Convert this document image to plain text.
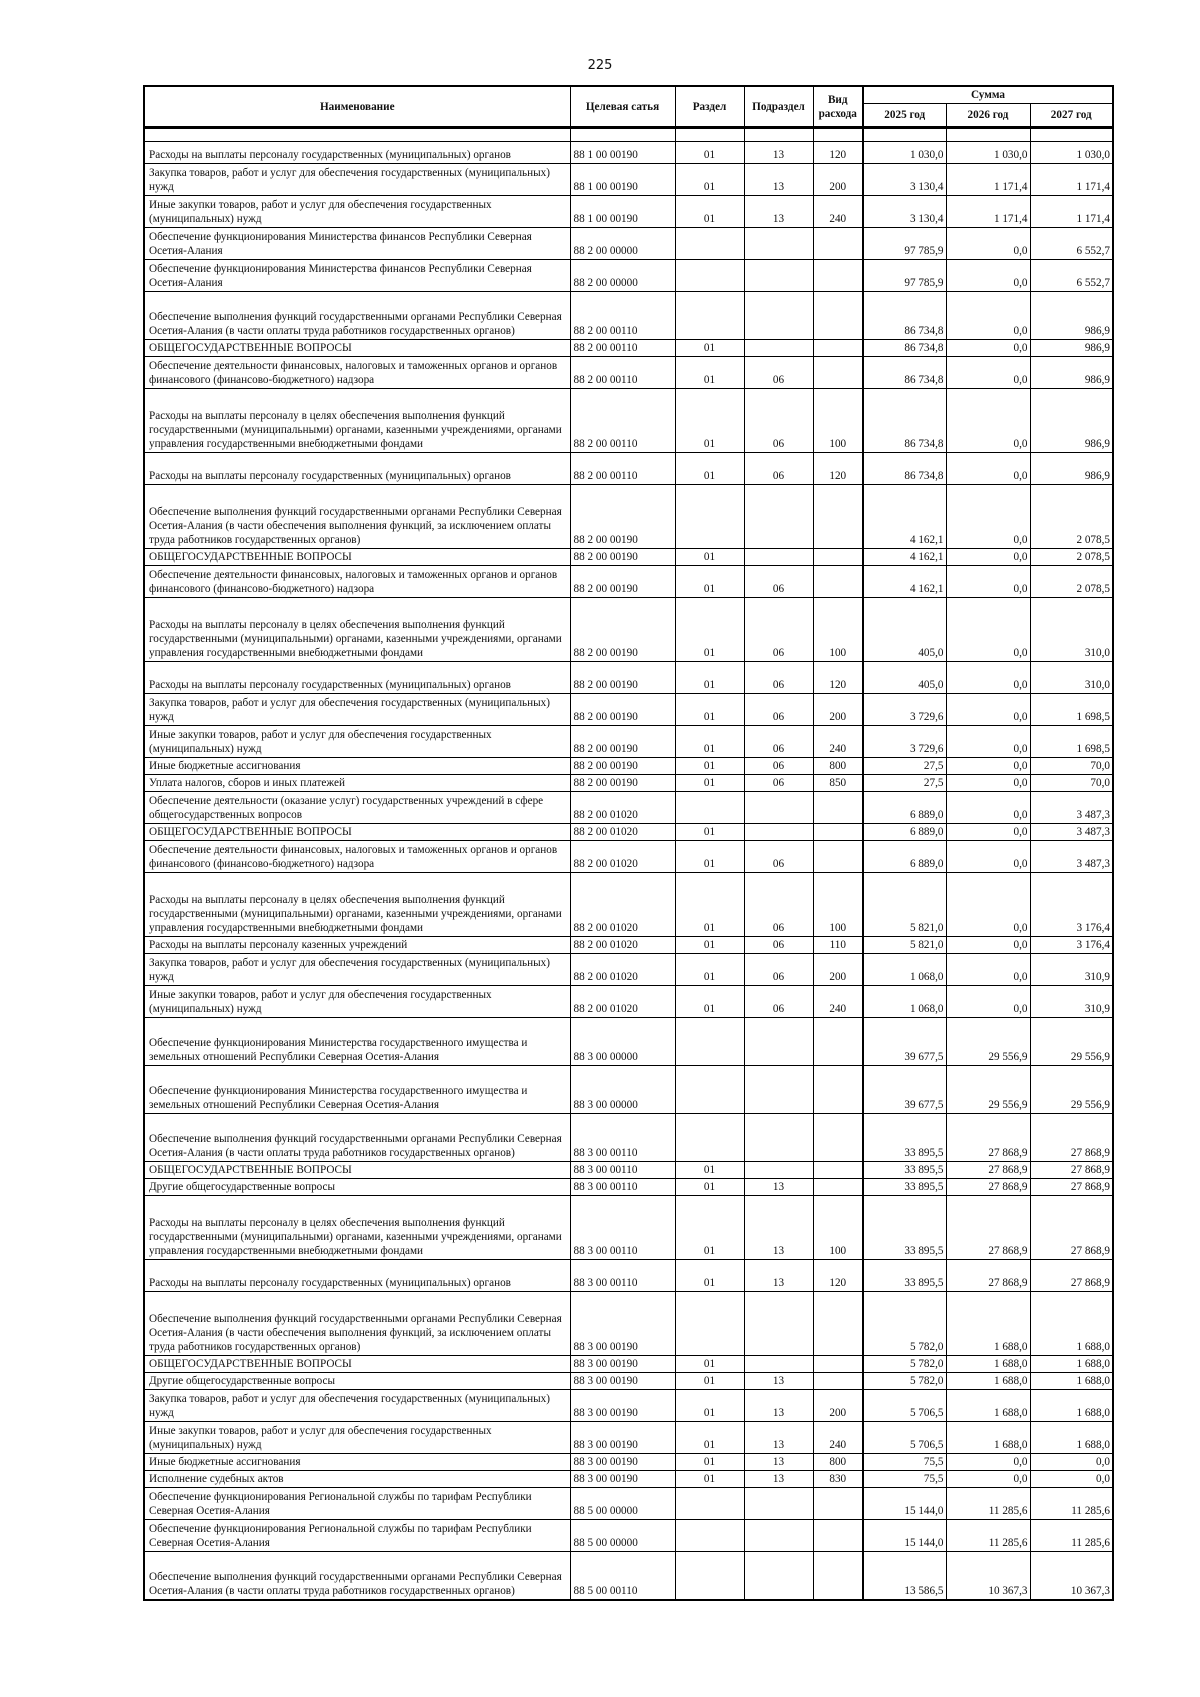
225
Наименование	Целевая сатья	Раздел	Подраздел	Вид расхода	Сумма		
					2025 год	2026 год	2027 год

Расходы на выплаты персоналу государственных (муниципальных) органов	88 1 00 00190	01	13	120	1 030,0	1 030,0	1 030,0
Закупка товаров, работ и услуг для обеспечения государственных (муниципальных) нужд	88 1 00 00190	01	13	200	3 130,4	1 171,4	1 171,4
Иные закупки товаров, работ и услуг для обеспечения государственных (муниципальных) нужд	88 1 00 00190	01	13	240	3 130,4	1 171,4	1 171,4
Обеспечение функционирования Министерства финансов Республики Северная Осетия-Алания	88 2 00 00000				97 785,9	0,0	6 552,7
Обеспечение функционирования Министерства финансов Республики Северная Осетия-Алания	88 2 00 00000				97 785,9	0,0	6 552,7
Обеспечение выполнения функций государственными органами Республики Северная Осетия-Алания (в части оплаты труда работников государственных органов)	88 2 00 00110				86 734,8	0,0	986,9
ОБЩЕГОСУДАРСТВЕННЫЕ ВОПРОСЫ	88 2 00 00110	01			86 734,8	0,0	986,9
Обеспечение деятельности финансовых, налоговых и таможенных органов и органов финансового (финансово-бюджетного) надзора	88 2 00 00110	01	06		86 734,8	0,0	986,9
Расходы на выплаты персоналу в целях обеспечения выполнения функций государственными (муниципальными) органами, казенными учреждениями, органами управления государственными внебюджетными фондами	88 2 00 00110	01	06	100	86 734,8	0,0	986,9
Расходы на выплаты персоналу государственных (муниципальных) органов	88 2 00 00110	01	06	120	86 734,8	0,0	986,9
Обеспечение выполнения функций государственными органами Республики Северная Осетия-Алания (в части обеспечения выполнения функций, за исключением оплаты труда работников государственных органов)	88 2 00 00190				4 162,1	0,0	2 078,5
ОБЩЕГОСУДАРСТВЕННЫЕ ВОПРОСЫ	88 2 00 00190	01			4 162,1	0,0	2 078,5
Обеспечение деятельности финансовых, налоговых и таможенных органов и органов финансового (финансово-бюджетного) надзора	88 2 00 00190	01	06		4 162,1	0,0	2 078,5
Расходы на выплаты персоналу в целях обеспечения выполнения функций государственными (муниципальными) органами, казенными учреждениями, органами управления государственными внебюджетными фондами	88 2 00 00190	01	06	100	405,0	0,0	310,0
Расходы на выплаты персоналу государственных (муниципальных) органов	88 2 00 00190	01	06	120	405,0	0,0	310,0
Закупка товаров, работ и услуг для обеспечения государственных (муниципальных) нужд	88 2 00 00190	01	06	200	3 729,6	0,0	1 698,5
Иные закупки товаров, работ и услуг для обеспечения государственных (муниципальных) нужд	88 2 00 00190	01	06	240	3 729,6	0,0	1 698,5
Иные бюджетные ассигнования	88 2 00 00190	01	06	800	27,5	0,0	70,0
Уплата налогов, сборов и иных платежей	88 2 00 00190	01	06	850	27,5	0,0	70,0
Обеспечение деятельности (оказание услуг) государственных учреждений в сфере общегосударственных вопросов	88 2 00 01020				6 889,0	0,0	3 487,3
ОБЩЕГОСУДАРСТВЕННЫЕ ВОПРОСЫ	88 2 00 01020	01			6 889,0	0,0	3 487,3
Обеспечение деятельности финансовых, налоговых и таможенных органов и органов финансового (финансово-бюджетного) надзора	88 2 00 01020	01	06		6 889,0	0,0	3 487,3
Расходы на выплаты персоналу в целях обеспечения выполнения функций государственными (муниципальными) органами, казенными учреждениями, органами управления государственными внебюджетными фондами	88 2 00 01020	01	06	100	5 821,0	0,0	3 176,4
Расходы на выплаты персоналу казенных учреждений	88 2 00 01020	01	06	110	5 821,0	0,0	3 176,4
Закупка товаров, работ и услуг для обеспечения государственных (муниципальных) нужд	88 2 00 01020	01	06	200	1 068,0	0,0	310,9
Иные закупки товаров, работ и услуг для обеспечения государственных (муниципальных) нужд	88 2 00 01020	01	06	240	1 068,0	0,0	310,9
Обеспечение функционирования Министерства государственного имущества и земельных отношений Республики Северная Осетия-Алания	88 3 00 00000				39 677,5	29 556,9	29 556,9
Обеспечение функционирования Министерства государственного имущества и земельных отношений Республики Северная Осетия-Алания	88 3 00 00000				39 677,5	29 556,9	29 556,9
Обеспечение выполнения функций государственными органами Республики Северная Осетия-Алания (в части оплаты труда работников государственных органов)	88 3 00 00110				33 895,5	27 868,9	27 868,9
ОБЩЕГОСУДАРСТВЕННЫЕ ВОПРОСЫ	88 3 00 00110	01			33 895,5	27 868,9	27 868,9
Другие общегосударственные вопросы	88 3 00 00110	01	13		33 895,5	27 868,9	27 868,9
Расходы на выплаты персоналу в целях обеспечения выполнения функций государственными (муниципальными) органами, казенными учреждениями, органами управления государственными внебюджетными фондами	88 3 00 00110	01	13	100	33 895,5	27 868,9	27 868,9
Расходы на выплаты персоналу государственных (муниципальных) органов	88 3 00 00110	01	13	120	33 895,5	27 868,9	27 868,9
Обеспечение выполнения функций государственными органами Республики Северная Осетия-Алания (в части обеспечения выполнения функций, за исключением оплаты труда работников государственных органов)	88 3 00 00190				5 782,0	1 688,0	1 688,0
ОБЩЕГОСУДАРСТВЕННЫЕ ВОПРОСЫ	88 3 00 00190	01			5 782,0	1 688,0	1 688,0
Другие общегосударственные вопросы	88 3 00 00190	01	13		5 782,0	1 688,0	1 688,0
Закупка товаров, работ и услуг для обеспечения государственных (муниципальных) нужд	88 3 00 00190	01	13	200	5 706,5	1 688,0	1 688,0
Иные закупки товаров, работ и услуг для обеспечения государственных (муниципальных) нужд	88 3 00 00190	01	13	240	5 706,5	1 688,0	1 688,0
Иные бюджетные ассигнования	88 3 00 00190	01	13	800	75,5	0,0	0,0
Исполнение судебных актов	88 3 00 00190	01	13	830	75,5	0,0	0,0
Обеспечение функционирования Региональной службы по тарифам Республики Северная Осетия-Алания	88 5 00 00000				15 144,0	11 285,6	11 285,6
Обеспечение функционирования Региональной службы по тарифам Республики Северная Осетия-Алания	88 5 00 00000				15 144,0	11 285,6	11 285,6
Обеспечение выполнения функций государственными органами Республики Северная Осетия-Алания (в части оплаты труда работников государственных органов)	88 5 00 00110				13 586,5	10 367,3	10 367,3
